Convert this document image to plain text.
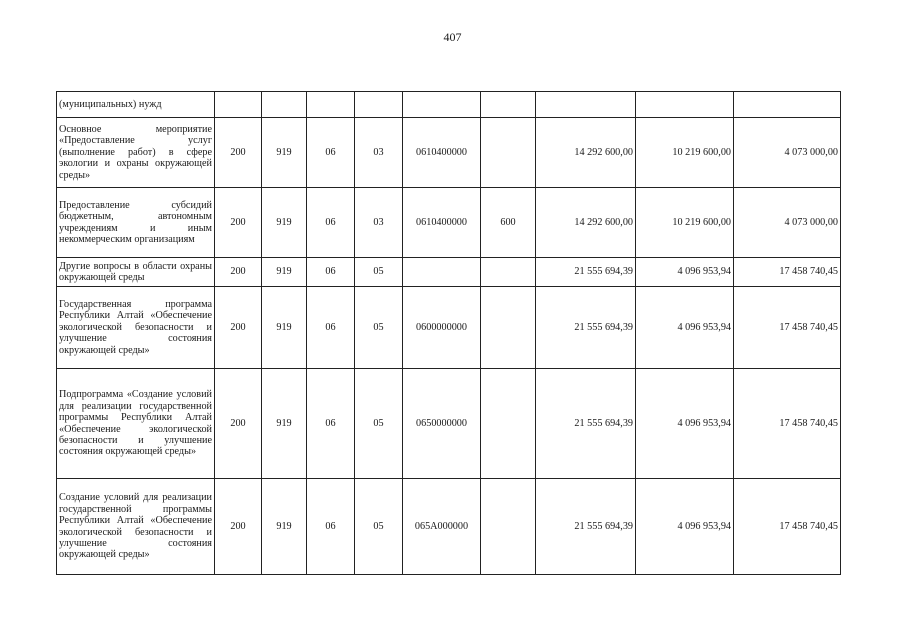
407
(муниципальных) нужд									
Основное мероприятие «Предоставление услуг (выполнение работ) в сфере экологии и охраны окружающей среды»	200	919	06	03	0610400000		14 292 600,00	10 219 600,00	4 073 000,00
Предоставление субсидий бюджетным, автономным учреждениям и иным некоммерческим организациям	200	919	06	03	0610400000	600	14 292 600,00	10 219 600,00	4 073 000,00
Другие вопросы в области охраны окружающей среды	200	919	06	05			21 555 694,39	4 096 953,94	17 458 740,45
Государственная программа Республики Алтай «Обеспечение экологической безопасности и улучшение состояния окружающей среды»	200	919	06	05	0600000000		21 555 694,39	4 096 953,94	17 458 740,45
Подпрограмма «Создание условий для реализации государственной программы Республики Алтай «Обеспечение экологической безопасности и улучшение состояния окружающей среды»	200	919	06	05	0650000000		21 555 694,39	4 096 953,94	17 458 740,45
Создание условий для реализации государственной программы Республики Алтай «Обеспечение экологической безопасности и улучшение состояния окружающей среды»	200	919	06	05	065А000000		21 555 694,39	4 096 953,94	17 458 740,45
